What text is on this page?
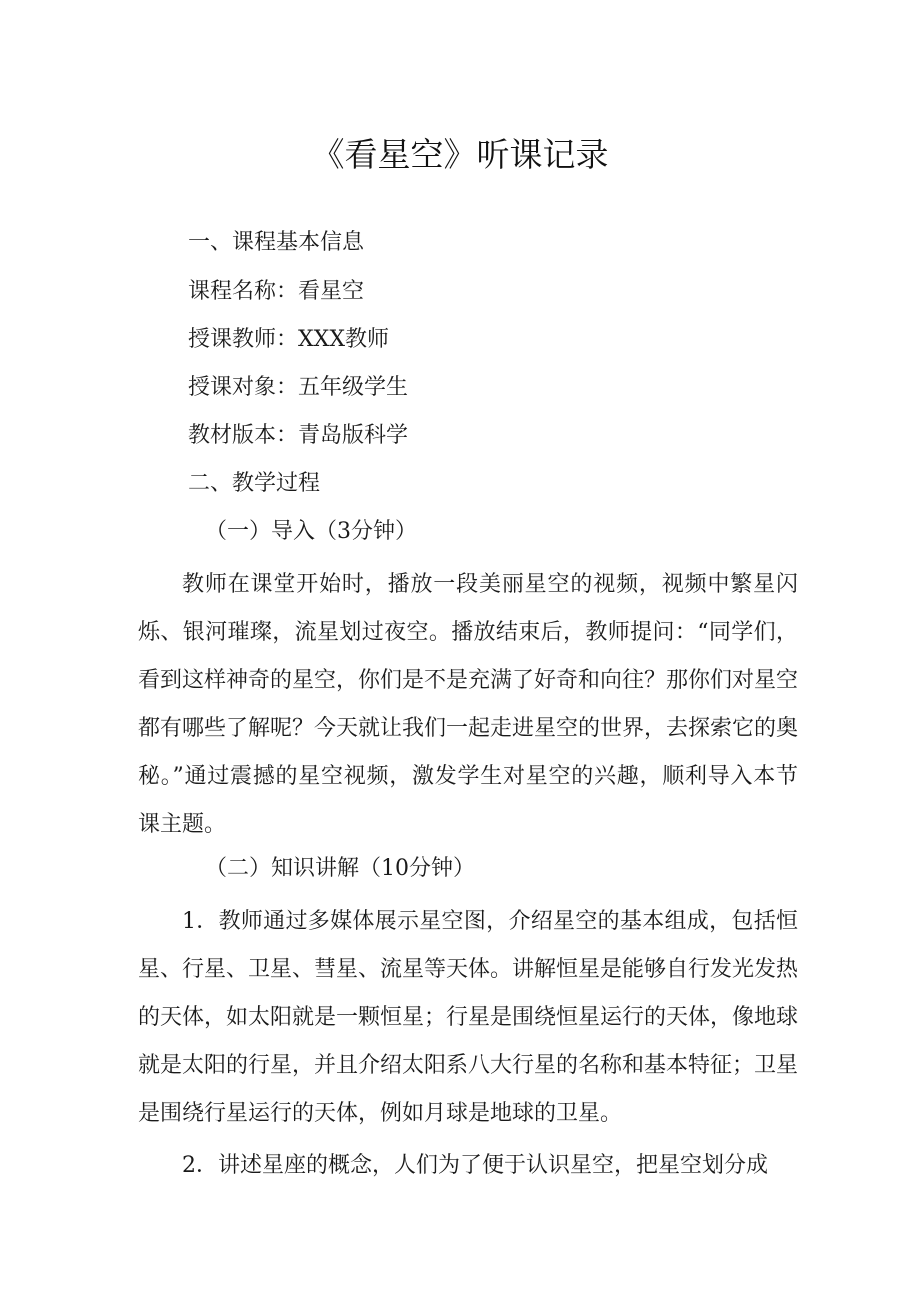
《看星空》听课记录
一、课程基本信息
课程名称：看星空
授课教师：XXX教师
授课对象：五年级学生
教材版本：青岛版科学
二、教学过程
（一）导入（3分钟）
教师在课堂开始时，播放一段美丽星空的视频，视频中繁星闪烁、银河璀璨，流星划过夜空。播放结束后，教师提问：“同学们，看到这样神奇的星空，你们是不是充满了好奇和向往？那你们对星空都有哪些了解呢？今天就让我们一起走进星空的世界，去探索它的奥秘。”通过震撼的星空视频，激发学生对星空的兴趣，顺利导入本节课主题。
（二）知识讲解（10分钟）
1．教师通过多媒体展示星空图，介绍星空的基本组成，包括恒星、行星、卫星、彗星、流星等天体。讲解恒星是能够自行发光发热的天体，如太阳就是一颗恒星；行星是围绕恒星运行的天体，像地球就是太阳的行星，并且介绍太阳系八大行星的名称和基本特征；卫星是围绕行星运行的天体，例如月球是地球的卫星。
2．讲述星座的概念，人们为了便于认识星空，把星空划分成
